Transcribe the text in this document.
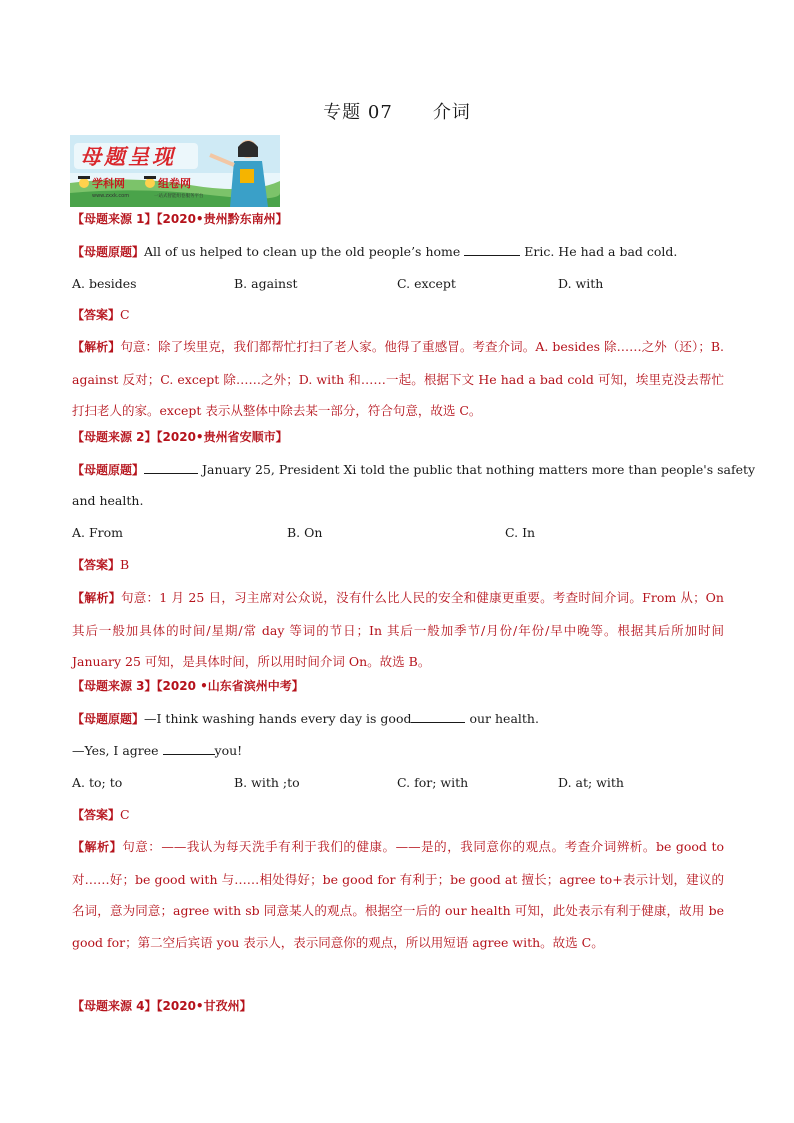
专题 07 介词
母题呈现
学科网
www.zxxk.com
组卷网
一站式智能组卷服务平台
【母题来源 1】【2020•贵州黔东南州】
【母题原题】All of us helped to clean up the old people’s home	Eric. He had a bad cold.
A. besides	B. against	C. except	D. with
【答案】C
【解析】句意：除了埃里克，我们都帮忙打扫了老人家。他得了重感冒。考查介词。A. besides 除……之外（还）；B. against 反对；C. except 除……之外；D. with 和……一起。根据下文 He had a bad cold 可知，埃里克没去帮忙打扫老人的家。except 表示从整体中除去某一部分，符合句意，故选 C。
【母题来源 2】【2020•贵州省安顺市】
【母题原题】	January 25, President Xi told the public that nothing matters more than people's safety
and health.
A. From	B. On	C. In
【答案】B
【解析】句意：1 月 25 日，习主席对公众说，没有什么比人民的安全和健康更重要。考查时间介词。From 从；On 其后一般加具体的时间/星期/常 day 等词的节日；In 其后一般加季节/月份/年份/早中晚等。根据其后所加时间 January 25 可知，是具体时间，所以用时间介词 On。故选 B。
【母题来源 3】【2020 •山东省滨州中考】
【母题原题】—I think washing hands every day is good	our health.
—Yes, I agree	you!
A. to; to	B. with ;to	C. for; with	D. at; with
【答案】C
【解析】句意：——我认为每天洗手有利于我们的健康。——是的，我同意你的观点。考查介词辨析。be good to 对……好；be good with 与……相处得好；be good for 有利于；be good at 擅长；agree to+表示计划，建议的名词，意为同意；agree with sb 同意某人的观点。根据空一后的 our health 可知，此处表示有利于健康，故用 be good for；第二空后宾语 you 表示人，表示同意你的观点，所以用短语 agree with。故选 C。
【母题来源 4】【2020•甘孜州】
